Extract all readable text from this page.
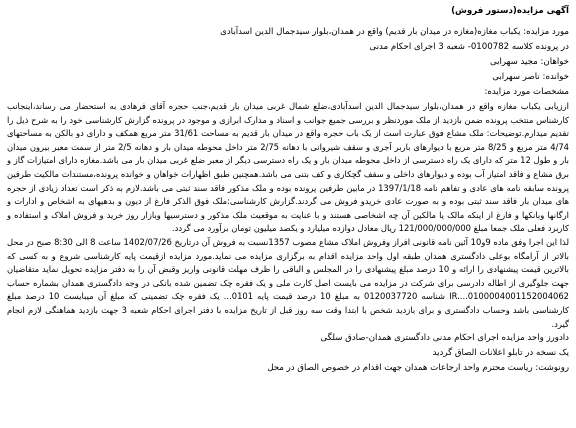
آگهی مزایده(دستور فروش)
مورد مزایده: یکباب مغازه(مغازه در میدان بار قدیم) واقع در همدان،بلوار سیدجمال الدین اسدآبادی
در پرونده کلاسه 0100782- شعبه 3 اجرای احکام مدنی
خواهان: مجید سهرابی
خوانده: ناصر سهرابی
مشخصات مورد مزایده:

ارزیابی یکباب مغازه واقع در همدان،بلوار سیدجمال الدین اسدآبادی،ضلع شمال غربی میدان بار قدیم،جنب حجره آقای فرهادی به استحضار می رساند،اینجانب کارشناس منتخب پرونده ضمن بازدید از ملک موردنظر و بررسی جمیع جوانب و اسناد و مدارک ابرازی و موجود در پرونده گزارش کارشناسی خود را به شرح ذیل را تقدیم میدارم.توضیحات: ملک مشاع فوق عبارت است از یک باب حجره واقع در میدان بار قدیم به مساحت 31/61 متر مربع همکف و دارای دو بالکن به مساحتهای 4/74 متر مربع و 8/25 متر مربع با دیوارهای باربر آجری و سقف شیروانی با دهانه 2/75 متر داخل محوطه میدان بار و دهانه 2/5 متر از سمت معبر بیرون میدان بار و طول 12 متر که دارای یک راه دسترسی از داخل محوطه میدان بار و یک راه دسترسی دیگر از معبر ضلع غربی میدان بار می باشد.مغازه دارای امتیازات گاز و برق مشاع و فاقد امتیاز آب بوده و دیوارهای داخلی و سقف گچکاری و کف بتنی می باشد.همچنین طبق اظهارات خواهان و خوانده پرونده،مستندات مالکیت طرفین پرونده سابقه نامه های عادی و تفاهم نامه 1397/1/18 در مابین طرفین پرونده بوده و ملک مذکور فاقد سند ثبتی می باشد.لازم به ذکر است تعداد زیادی از حجره های میدان بار فاقد سند ثبتی بوده و به صورت عادی خریدو فروش می گردند.گزارش کارشناسی:ملک فوق الذکر فارغ از دیون و بدهیهای به اشخاص و ادارات و ارگانها وبانکها و فارغ از اینکه مالک یا مالکین آن چه اشخاصی هستند و با عنایت به موقعیت ملک مذکور و دسترسیها وبازار روز خرید و فروش املاک و استفاده و کاربرد فعلی ملک جمعا مبلغ 121/000/000/000 ریال معادل دوازده میلیارد و یکصد میلیون تومان برآورد می گردد.

لذا این اجرا وفق ماده 9و10 آئین نامه قانونی افراز وفروش املاک مشاع مصوب 1357نسبت به فروش آن درتاریخ 1402/07/26 ساعت 8 الی 8:30 صبح در محل بالاتر از آرامگاه بوعلی دادگستری همدان طبقه اول واحد مزایده اقدام به برگزاری مزایده می نماید.مورد مزایده ازقیمت پایه کارشناسی شروع و به کسی که بالاترین قیمت پیشنهادی را ارائه و 10 درصد مبلغ پیشنهادی را در المجلس و الباقی را ظرف مهلت قانونی واریز وقبض آن را به دفتر مزایده تحویل نماید متقاضیان جهت جلوگیری از اطاله دادرسی برای شرکت در مزایده می بایست اصل کارت ملی و یک فقره چک تضمین شده بانکی در وجه دادگستری همدان بشماره حساب IR....0100004001152004062 شناسه 0120037720 به مبلغ 10 درصد قیمت پایه 0101... یک فقره چک تضمینی که مبلغ آن میبایست 10 درصد مبلغ کارشناسی باشد وحساب دادگستری و برای بازدید شخص با ابتدا وقت سه روز قبل از تاریخ مزایده با دفتر اجرای احکام شعبه 3 جهت بازدید هماهنگی لازم انجام گیرد.

دادورز واحد مزایده اجرای احکام مدنی دادگستری همدان-صادق سلگی
یک نسخه در تابلو اعلانات الصاق گردید
رونوشت: ریاست محترم واحد ارجاعات همدان جهت اقدام در خصوص الصاق در محل
